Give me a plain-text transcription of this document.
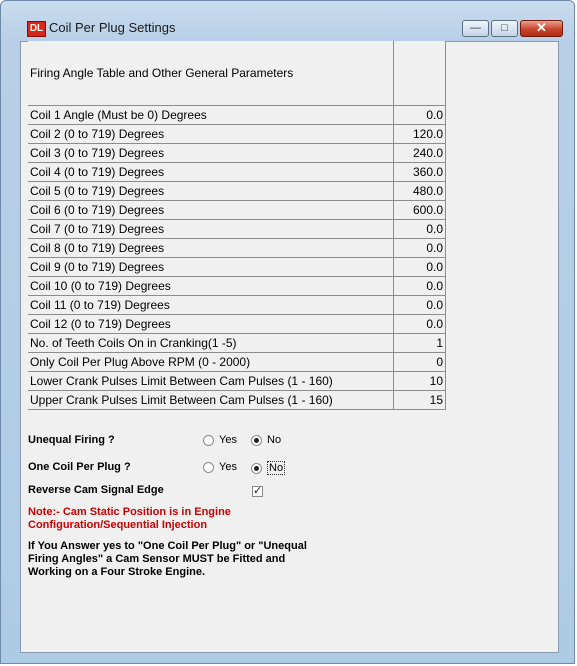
DL Coil Per Plug Settings	—	□	✕
Firing Angle Table and Other General Parameters	
Coil 1 Angle (Must be 0) Degrees	0.0
Coil 2 (0 to 719) Degrees	120.0
Coil 3 (0 to 719) Degrees	240.0
Coil 4 (0 to 719) Degrees	360.0
Coil 5 (0 to 719) Degrees	480.0
Coil 6 (0 to 719) Degrees	600.0
Coil 7 (0 to 719) Degrees	0.0
Coil 8 (0 to 719) Degrees	0.0
Coil 9 (0 to 719) Degrees	0.0
Coil 10 (0 to 719) Degrees	0.0
Coil 11 (0 to 719) Degrees	0.0
Coil 12 (0 to 719) Degrees	0.0
No. of Teeth Coils On in Cranking(1 -5)	1
Only Coil Per Plug Above RPM (0 - 2000)	0
Lower Crank Pulses Limit Between Cam Pulses (1 - 160)	10
Upper Crank Pulses Limit Between Cam Pulses (1 - 160)	15
Unequal Firing ?	Yes	No
One Coil Per Plug ?	Yes	No
Reverse Cam Signal Edge	✓
Note:- Cam Static Position is in Engine Configuration/Sequential Injection
If You Answer yes to "One Coil Per Plug" or "Unequal Firing Angles" a Cam Sensor MUST be Fitted and Working on a Four Stroke Engine.
